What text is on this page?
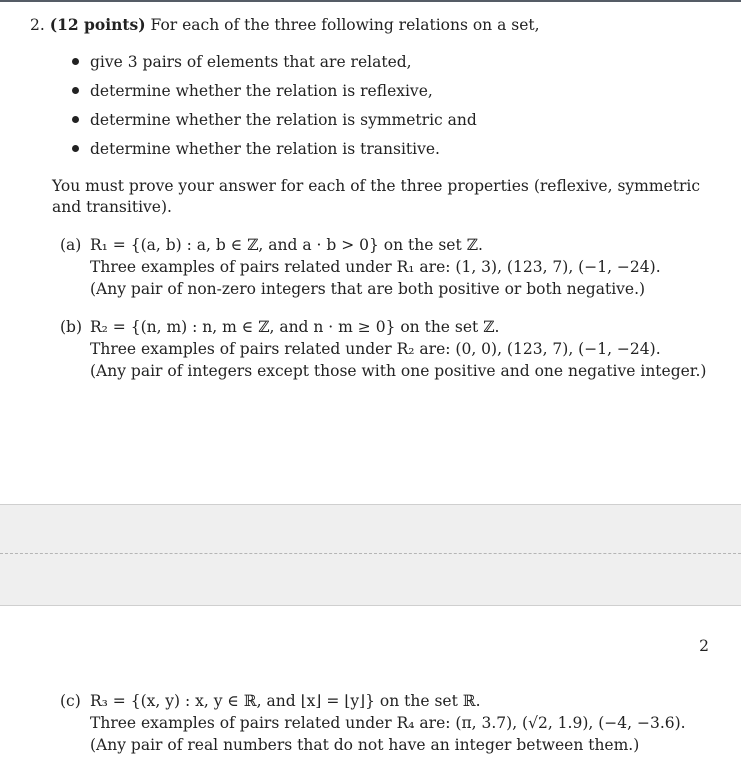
2. (12 points) For each of the three following relations on a set,
give 3 pairs of elements that are related,
determine whether the relation is reflexive,
determine whether the relation is symmetric and
determine whether the relation is transitive.
You must prove your answer for each of the three properties (reflexive, symmetric and transitive).
(a) R₁ = {(a, b) : a, b ∈ ℤ, and a · b > 0} on the set ℤ.
Three examples of pairs related under R₁ are: (1, 3), (123, 7), (−1, −24).
(Any pair of non-zero integers that are both positive or both negative.)
(b) R₂ = {(n, m) : n, m ∈ ℤ, and n · m ≥ 0} on the set ℤ.
Three examples of pairs related under R₂ are: (0, 0), (123, 7), (−1, −24).
(Any pair of integers except those with one positive and one negative integer.)
2
(c) R₃ = {(x, y) : x, y ∈ ℝ, and ⌊x⌋ = ⌊y⌋} on the set ℝ.
Three examples of pairs related under R₄ are: (π, 3.7), (√2, 1.9), (−4, −3.6).
(Any pair of real numbers that do not have an integer between them.)
